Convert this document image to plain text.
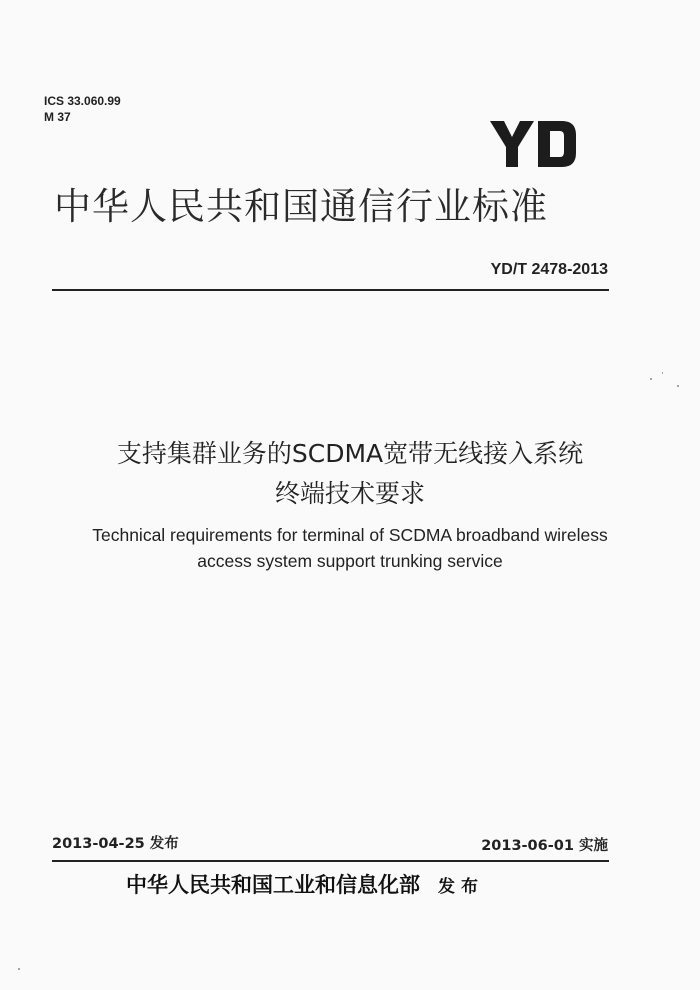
ICS 33.060.99
M 37
中华人民共和国通信行业标准
YD/T 2478-2013
支持集群业务的SCDMA宽带无线接入系统
终端技术要求
Technical requirements for terminal of SCDMA broadband wireless
access system support trunking service
2013-04-25 发布	2013-06-01 实施
中华人民共和国工业和信息化部 发布
